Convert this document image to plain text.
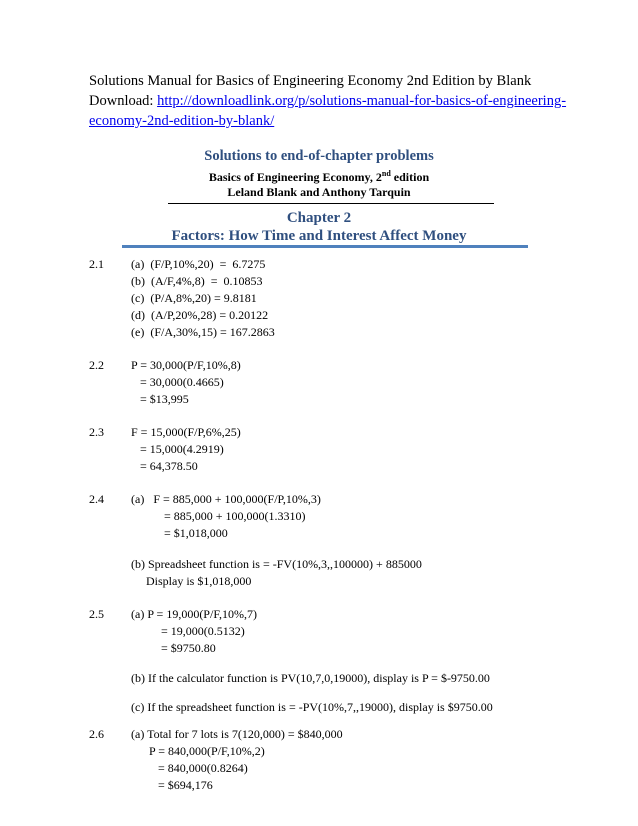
Solutions Manual for Basics of Engineering Economy 2nd Edition by Blank
Download: http://downloadlink.org/p/solutions-manual-for-basics-of-engineering-economy-2nd-edition-by-blank/
Solutions to end-of-chapter problems
Basics of Engineering Economy, 2nd edition
Leland Blank and Anthony Tarquin
Chapter 2
Factors: How Time and Interest Affect Money
2.1 (a)  (F/P,10%,20)  =  6.7275
(b)  (A/F,4%,8)  =  0.10853
(c)  (P/A,8%,20) = 9.8181
(d)  (A/P,20%,28) = 0.20122
(e)  (F/A,30%,15) = 167.2863
2.2 P = 30,000(P/F,10%,8)
= 30,000(0.4665)
= $13,995
2.3 F = 15,000(F/P,6%,25)
= 15,000(4.2919)
= 64,378.50
2.4 (a)   F = 885,000 + 100,000(F/P,10%,3)
= 885,000 + 100,000(1.3310)
= $1,018,000
(b) Spreadsheet function is = -FV(10%,3,,100000) + 885000
Display is $1,018,000
2.5 (a) P = 19,000(P/F,10%,7)
= 19,000(0.5132)
= $9750.80
(b) If the calculator function is PV(10,7,0,19000), display is P = $-9750.00
(c) If the spreadsheet function is = -PV(10%,7,,19000), display is $9750.00
2.6 (a) Total for 7 lots is 7(120,000) = $840,000
P = 840,000(P/F,10%,2)
= 840,000(0.8264)
= $694,176
